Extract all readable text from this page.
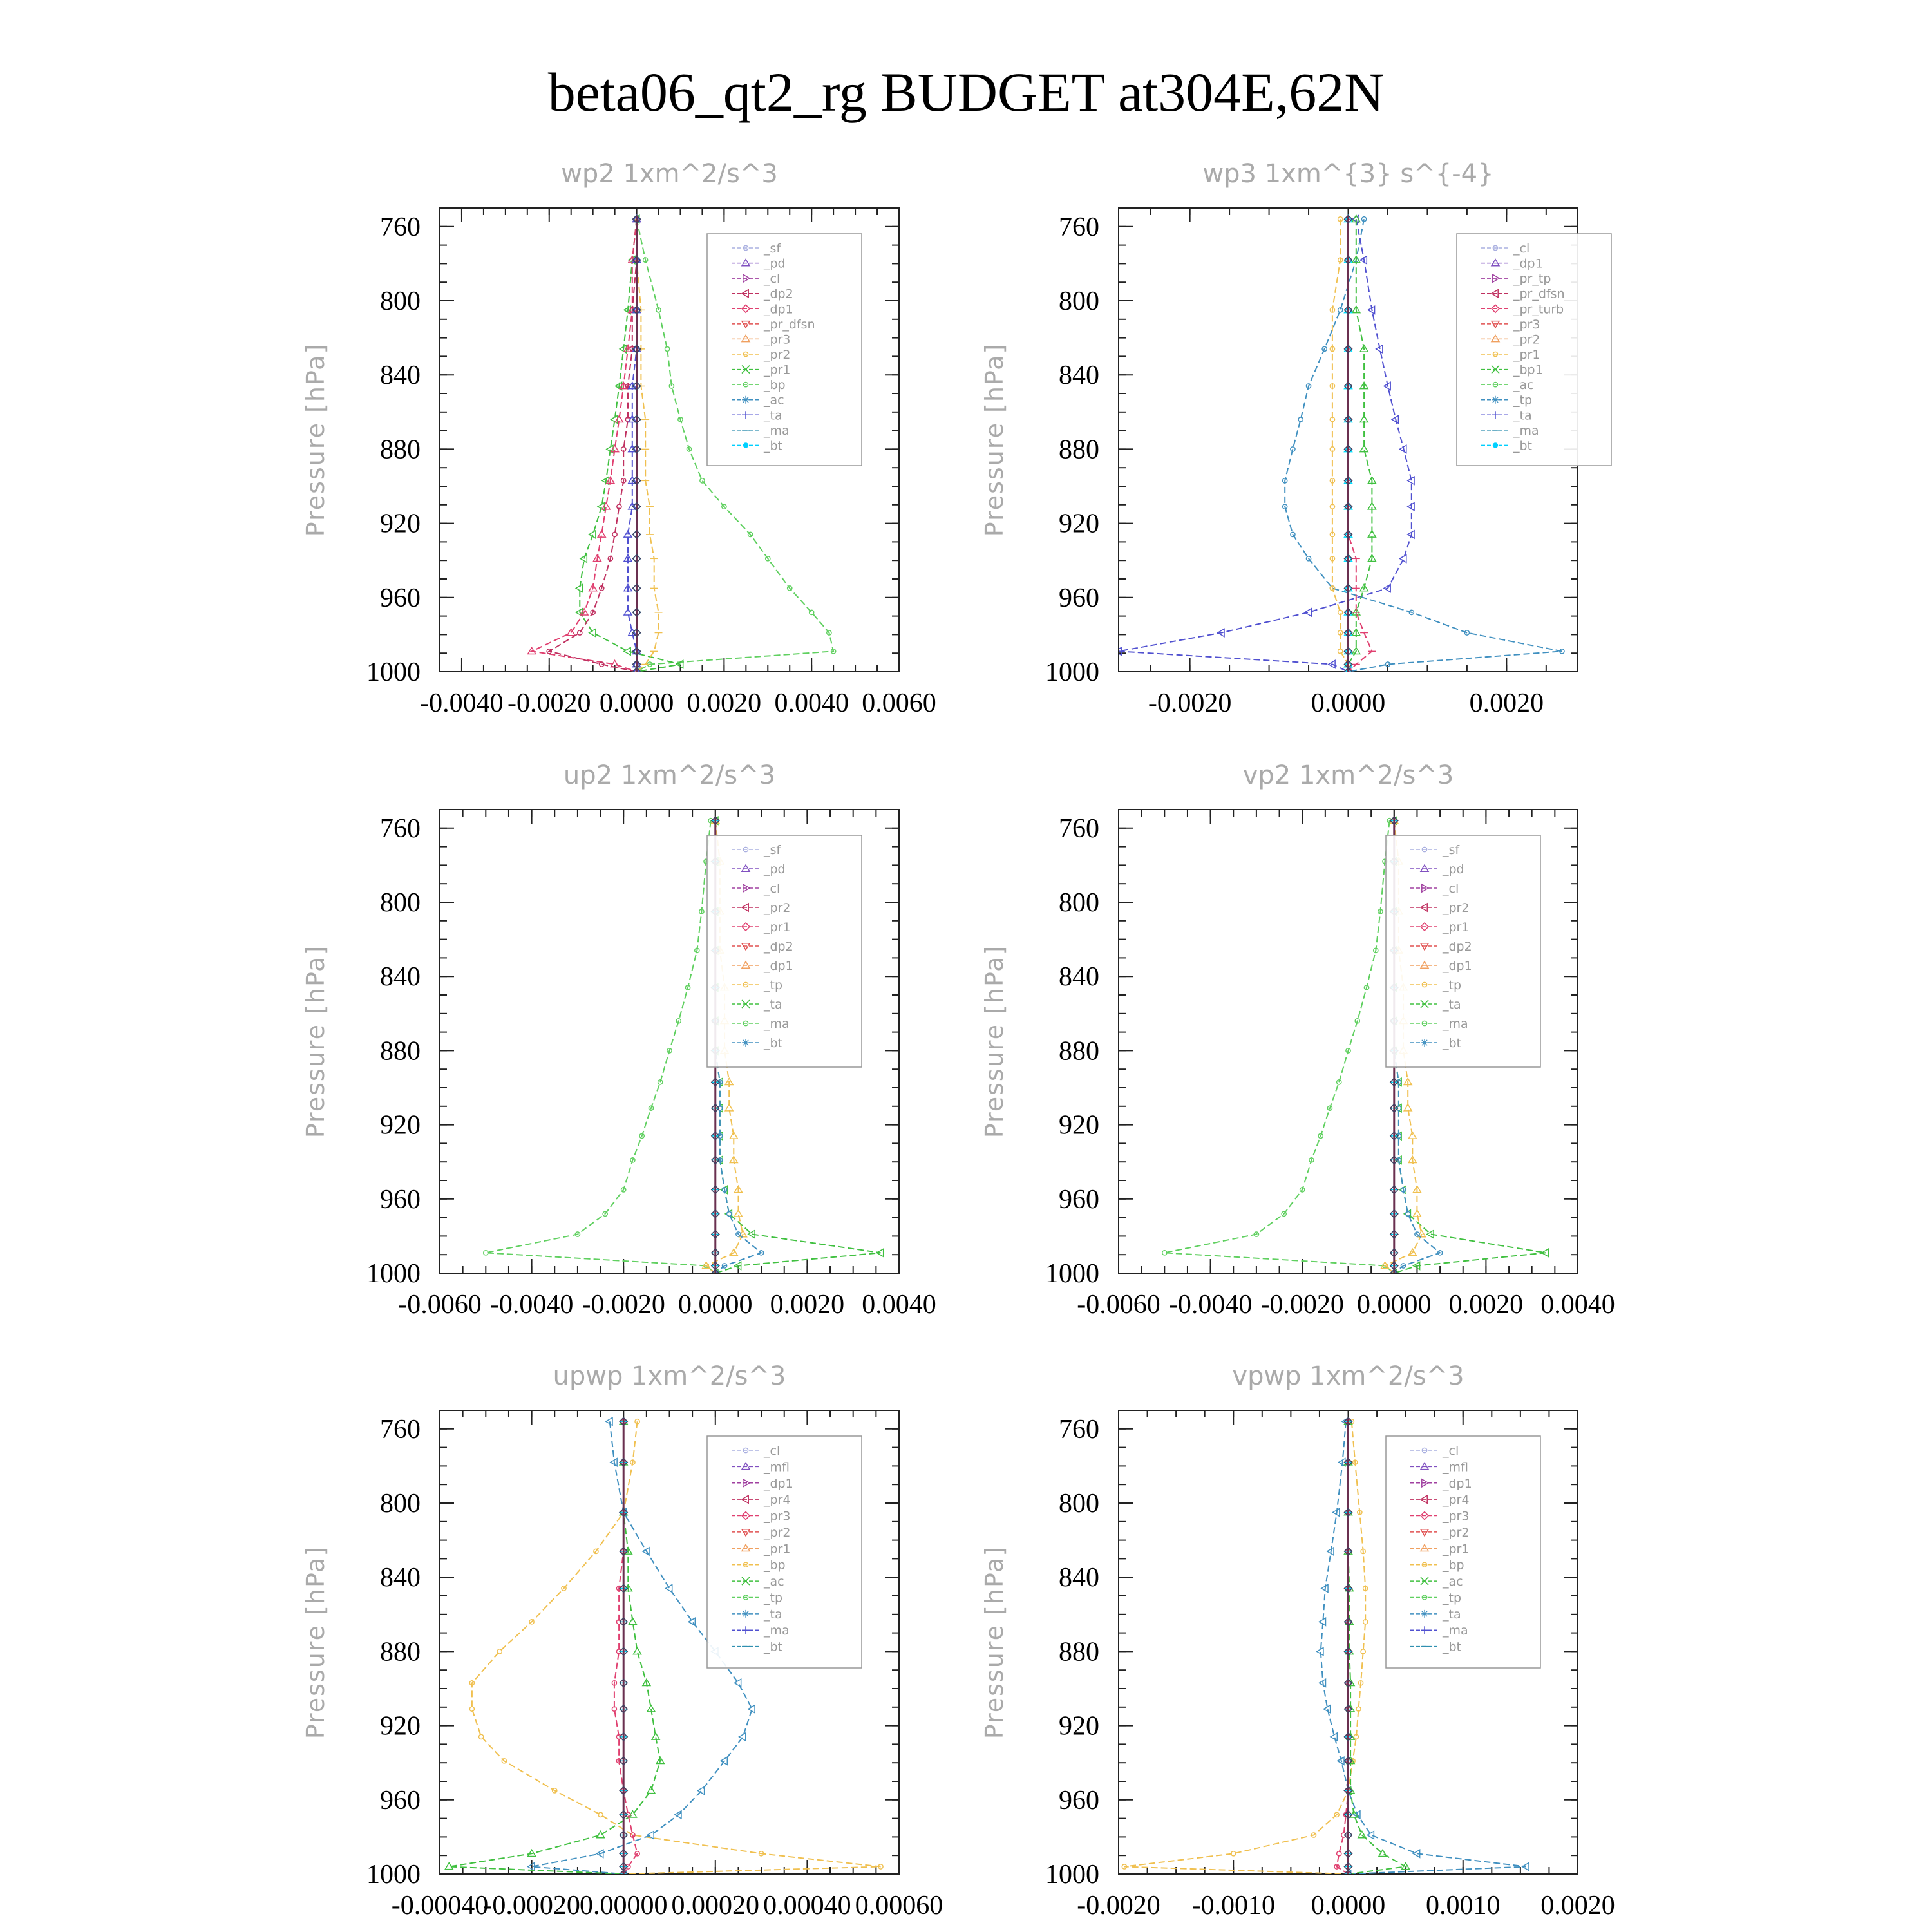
beta06_qt2_rg BUDGET at304E,62N
wp2 1xm^2/s^3
Pressure [hPa]
760
800
840
880
920
960
1000
-0.0040 -0.0020 0.0000 0.0020 0.0040 0.0060
_sf
_pd
_cl
_dp2
_dp1
_pr_dfsn
_pr3
_pr2
_pr1
_bp
_ac
_ta
_ma
_bt
wp3 1xm^{3} s^{-4}
Pressure [hPa]
760
800
840
880
920
960
1000
-0.0020	0.0000	0.0020
_cl
_dp1
_pr_tp
_pr_dfsn
_pr_turb
_pr3
_pr2
_pr1
_bp1
_ac
_tp
_ta
_ma
_bt
up2 1xm^2/s^3
Pressure [hPa]
760
800
840
880
920
960
1000
-0.0060 -0.0040 -0.0020 0.0000 0.0020 0.0040
_sf
_pd
_cl
_pr2
_pr1
_dp2
_dp1
_tp
_ta
_ma
_bt
vp2 1xm^2/s^3
Pressure [hPa]
760
800
840
880
920
960
1000
-0.0060 -0.0040 -0.0020 0.0000 0.0020 0.0040
_sf
_pd
_cl
_pr2
_pr1
_dp2
_dp1
_tp
_ta
_ma
_bt
upwp 1xm^2/s^3
Pressure [hPa]
760
800
840
880
920
960
1000
-0.00040
-0.00020 0.00000 0.00020 0.00040 0.00060
_cl
_mfl
_dp1
_pr4
_pr3
_pr2
_pr1
_bp
_ac
_tp
_ta
_ma
_bt
vpwp 1xm^2/s^3
Pressure [hPa]
760
800
840
880
920
960
1000
-0.0020 -0.0010 0.0000 0.0010 0.0020
_cl
_mfl
_dp1
_pr4
_pr3
_pr2
_pr1
_bp
_ac
_tp
_ta
_ma
_bt
